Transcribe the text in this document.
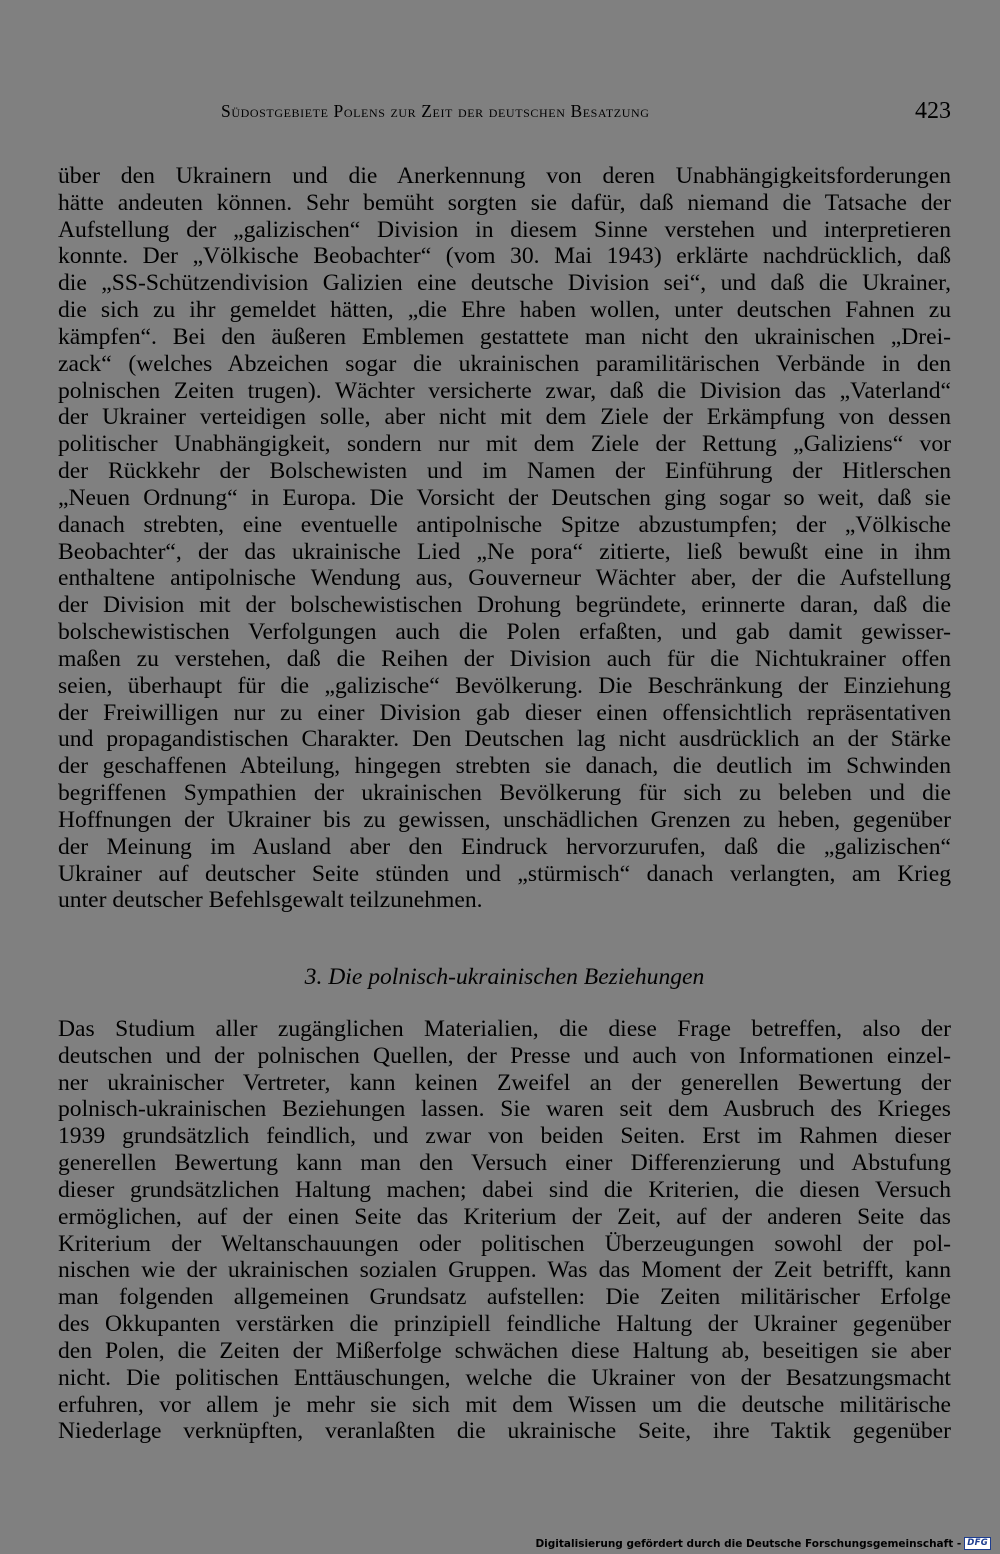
Südostgebiete Polens zur Zeit der deutschen Besatzung	423
über den Ukrainern und die Anerkennung von deren Unabhängigkeitsforderungen
hätte andeuten können. Sehr bemüht sorgten sie dafür, daß niemand die Tatsache der
Aufstellung der „galizischen“ Division in diesem Sinne verstehen und interpretieren
konnte. Der „Völkische Beobachter“ (vom 30. Mai 1943) erklärte nachdrücklich, daß
die „SS-Schützendivision Galizien eine deutsche Division sei“, und daß die Ukrainer,
die sich zu ihr gemeldet hätten, „die Ehre haben wollen, unter deutschen Fahnen zu
kämpfen“. Bei den äußeren Emblemen gestattete man nicht den ukrainischen „Drei-
zack“ (welches Abzeichen sogar die ukrainischen paramilitärischen Verbände in den
polnischen Zeiten trugen). Wächter versicherte zwar, daß die Division das „Vaterland“
der Ukrainer verteidigen solle, aber nicht mit dem Ziele der Erkämpfung von dessen
politischer Unabhängigkeit, sondern nur mit dem Ziele der Rettung „Galiziens“ vor
der Rückkehr der Bolschewisten und im Namen der Einführung der Hitlerschen
„Neuen Ordnung“ in Europa. Die Vorsicht der Deutschen ging sogar so weit, daß sie
danach strebten, eine eventuelle antipolnische Spitze abzustumpfen; der „Völkische
Beobachter“, der das ukrainische Lied „Ne pora“ zitierte, ließ bewußt eine in ihm
enthaltene antipolnische Wendung aus, Gouverneur Wächter aber, der die Aufstellung
der Division mit der bolschewistischen Drohung begründete, erinnerte daran, daß die
bolschewistischen Verfolgungen auch die Polen erfaßten, und gab damit gewisser-
maßen zu verstehen, daß die Reihen der Division auch für die Nichtukrainer offen
seien, überhaupt für die „galizische“ Bevölkerung. Die Beschränkung der Einziehung
der Freiwilligen nur zu einer Division gab dieser einen offensichtlich repräsentativen
und propagandistischen Charakter. Den Deutschen lag nicht ausdrücklich an der Stärke
der geschaffenen Abteilung, hingegen strebten sie danach, die deutlich im Schwinden
begriffenen Sympathien der ukrainischen Bevölkerung für sich zu beleben und die
Hoffnungen der Ukrainer bis zu gewissen, unschädlichen Grenzen zu heben, gegenüber
der Meinung im Ausland aber den Eindruck hervorzurufen, daß die „galizischen“
Ukrainer auf deutscher Seite stünden und „stürmisch“ danach verlangten, am Krieg
unter deutscher Befehlsgewalt teilzunehmen.
3. Die polnisch-ukrainischen Beziehungen
Das Studium aller zugänglichen Materialien, die diese Frage betreffen, also der
deutschen und der polnischen Quellen, der Presse und auch von Informationen einzel-
ner ukrainischer Vertreter, kann keinen Zweifel an der generellen Bewertung der
polnisch-ukrainischen Beziehungen lassen. Sie waren seit dem Ausbruch des Krieges
1939 grundsätzlich feindlich, und zwar von beiden Seiten. Erst im Rahmen dieser
generellen Bewertung kann man den Versuch einer Differenzierung und Abstufung
dieser grundsätzlichen Haltung machen; dabei sind die Kriterien, die diesen Versuch
ermöglichen, auf der einen Seite das Kriterium der Zeit, auf der anderen Seite das
Kriterium der Weltanschauungen oder politischen Überzeugungen sowohl der pol-
nischen wie der ukrainischen sozialen Gruppen. Was das Moment der Zeit betrifft, kann
man folgenden allgemeinen Grundsatz aufstellen: Die Zeiten militärischer Erfolge
des Okkupanten verstärken die prinzipiell feindliche Haltung der Ukrainer gegenüber
den Polen, die Zeiten der Mißerfolge schwächen diese Haltung ab, beseitigen sie aber
nicht. Die politischen Enttäuschungen, welche die Ukrainer von der Besatzungsmacht
erfuhren, vor allem je mehr sie sich mit dem Wissen um die deutsche militärische
Niederlage verknüpften, veranlaßten die ukrainische Seite, ihre Taktik gegenüber
Digitalisierung gefördert durch die Deutsche Forschungsgemeinschaft - DFG
